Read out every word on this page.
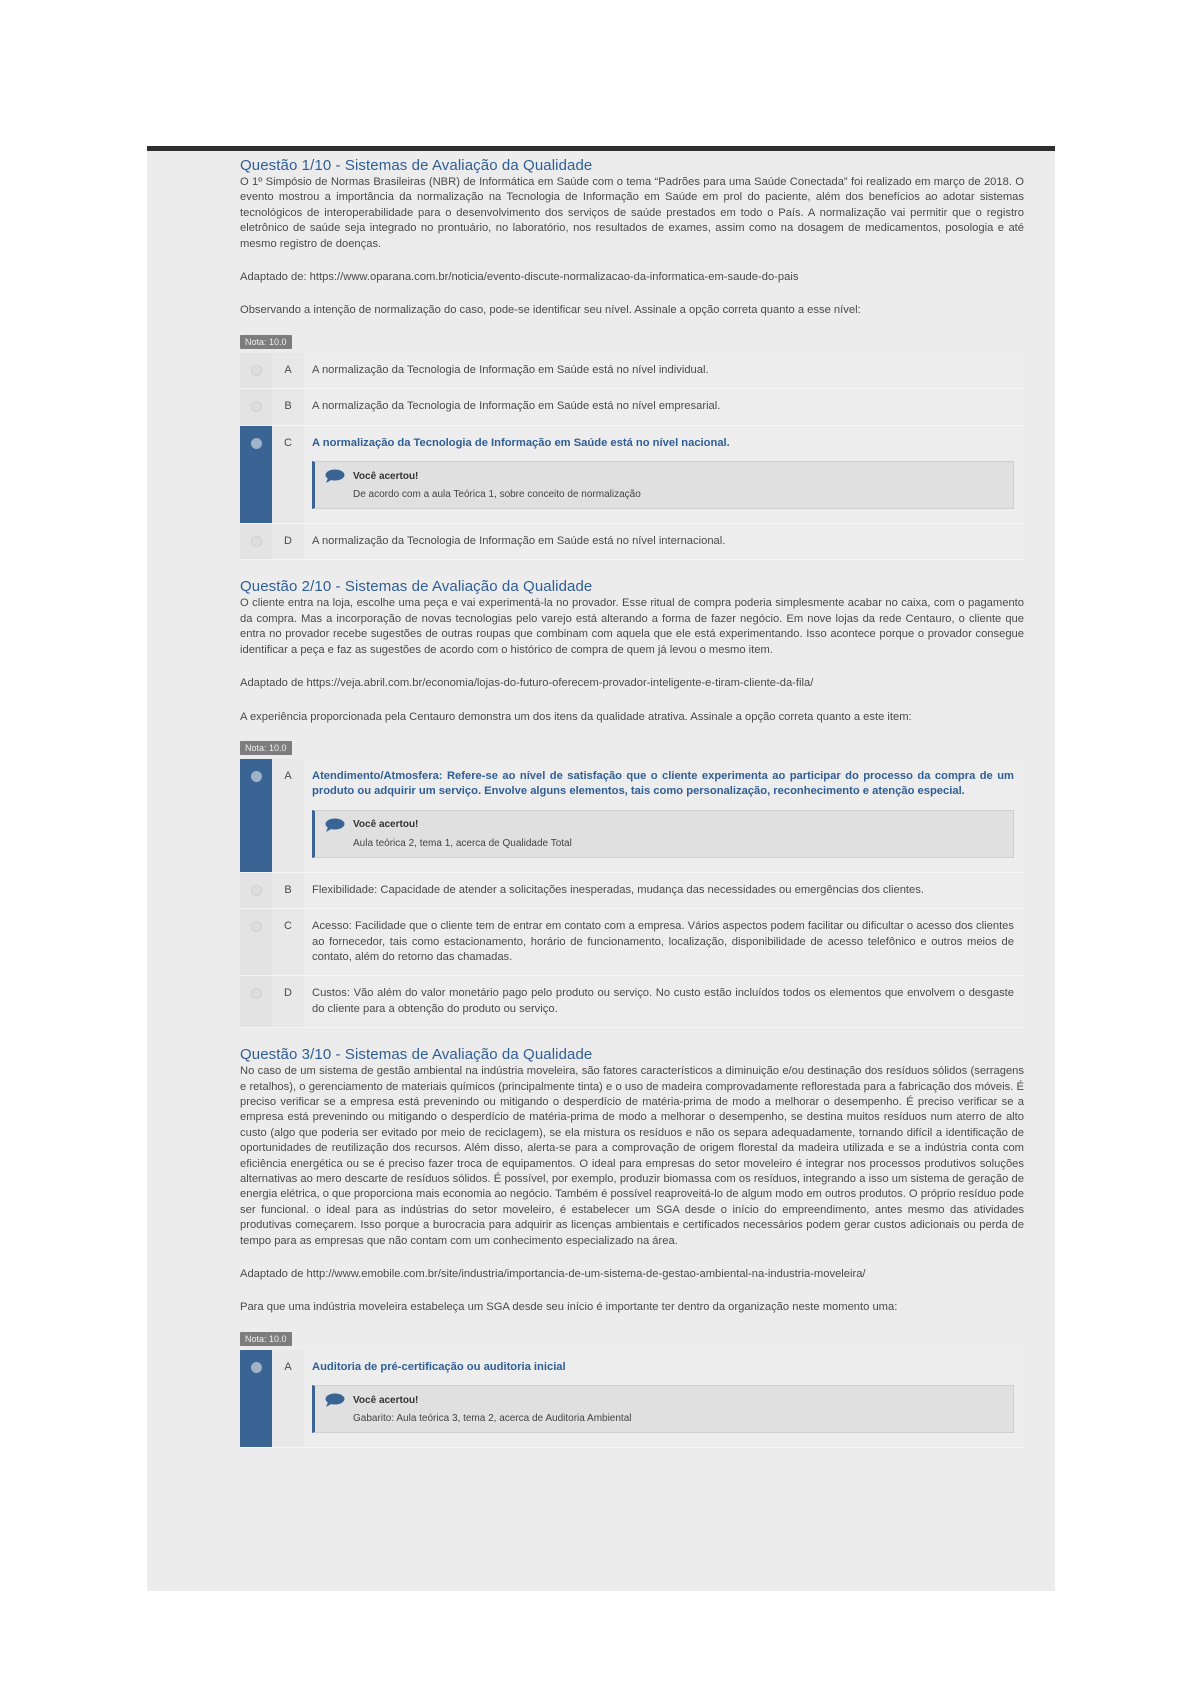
Questão 1/10 - Sistemas de Avaliação da Qualidade

O 1º Simpósio de Normas Brasileiras (NBR) de Informática em Saúde com o tema “Padrões para uma Saúde Conectada” foi realizado em março de 2018. O evento mostrou a importância da normalização na Tecnologia de Informação em Saúde em prol do paciente, além dos benefícios ao adotar sistemas tecnológicos de interoperabilidade para o desenvolvimento dos serviços de saúde prestados em todo o País. A normalização vai permitir que o registro eletrônico de saúde seja integrado no prontuário, no laboratório, nos resultados de exames, assim como na dosagem de medicamentos, posologia e até mesmo registro de doenças.

Adaptado de: https://www.oparana.com.br/noticia/evento-discute-normalizacao-da-informatica-em-saude-do-pais

Observando a intenção de normalização do caso, pode-se identificar seu nível. Assinale a opção correta quanto a esse nível:

Nota: 10.0
A	A normalização da Tecnologia de Informação em Saúde está no nível individual.
B	A normalização da Tecnologia de Informação em Saúde está no nível empresarial.
C	A normalização da Tecnologia de Informação em Saúde está no nível nacional.
Você acertou!
De acordo com a aula Teórica 1, sobre conceito de normalização
D	A normalização da Tecnologia de Informação em Saúde está no nível internacional.
Questão 2/10 - Sistemas de Avaliação da Qualidade

O cliente entra na loja, escolhe uma peça e vai experimentá-la no provador. Esse ritual de compra poderia simplesmente acabar no caixa, com o pagamento da compra. Mas a incorporação de novas tecnologias pelo varejo está alterando a forma de fazer negócio. Em nove lojas da rede Centauro, o cliente que entra no provador recebe sugestões de outras roupas que combinam com aquela que ele está experimentando. Isso acontece porque o provador consegue identificar a peça e faz as sugestões de acordo com o histórico de compra de quem já levou o mesmo item.

Adaptado de https://veja.abril.com.br/economia/lojas-do-futuro-oferecem-provador-inteligente-e-tiram-cliente-da-fila/

A experiência proporcionada pela Centauro demonstra um dos itens da qualidade atrativa. Assinale a opção correta quanto a este item:

Nota: 10.0
A	Atendimento/Atmosfera: Refere-se ao nível de satisfação que o cliente experimenta ao participar do processo da compra de um produto ou adquirir um serviço. Envolve alguns elementos, tais como personalização, reconhecimento e atenção especial.
Você acertou!
Aula teórica 2, tema 1, acerca de Qualidade Total
B	Flexibilidade: Capacidade de atender a solicitações inesperadas, mudança das necessidades ou emergências dos clientes.
C	Acesso: Facilidade que o cliente tem de entrar em contato com a empresa. Vários aspectos podem facilitar ou dificultar o acesso dos clientes ao fornecedor, tais como estacionamento, horário de funcionamento, localização, disponibilidade de acesso telefônico e outros meios de contato, além do retorno das chamadas.
D	Custos: Vão além do valor monetário pago pelo produto ou serviço. No custo estão incluídos todos os elementos que envolvem o desgaste do cliente para a obtenção do produto ou serviço.
Questão 3/10 - Sistemas de Avaliação da Qualidade

No caso de um sistema de gestão ambiental na indústria moveleira, são fatores característicos a diminuição e/ou destinação dos resíduos sólidos (serragens e retalhos), o gerenciamento de materiais químicos (principalmente tinta) e o uso de madeira comprovadamente reflorestada para a fabricação dos móveis. É preciso verificar se a empresa está prevenindo ou mitigando o desperdício de matéria-prima de modo a melhorar o desempenho. É preciso verificar se a empresa está prevenindo ou mitigando o desperdício de matéria-prima de modo a melhorar o desempenho, se destina muitos resíduos num aterro de alto custo (algo que poderia ser evitado por meio de reciclagem), se ela mistura os resíduos e não os separa adequadamente, tornando difícil a identificação de oportunidades de reutilização dos recursos. Além disso, alerta-se para a comprovação de origem florestal da madeira utilizada e se a indústria conta com eficiência energética ou se é preciso fazer troca de equipamentos. O ideal para empresas do setor moveleiro é integrar nos processos produtivos soluções alternativas ao mero descarte de resíduos sólidos. É possível, por exemplo, produzir biomassa com os resíduos, integrando a isso um sistema de geração de energia elétrica, o que proporciona mais economia ao negócio. Também é possível reaproveitá-lo de algum modo em outros produtos. O próprio resíduo pode ser funcional. o ideal para as indústrias do setor moveleiro, é estabelecer um SGA desde o início do empreendimento, antes mesmo das atividades produtivas começarem. Isso porque a burocracia para adquirir as licenças ambientais e certificados necessários podem gerar custos adicionais ou perda de tempo para as empresas que não contam com um conhecimento especializado na área.

Adaptado de http://www.emobile.com.br/site/industria/importancia-de-um-sistema-de-gestao-ambiental-na-industria-moveleira/

Para que uma indústria moveleira estabeleça um SGA desde seu início é importante ter dentro da organização neste momento uma:

Nota: 10.0
A	Auditoria de pré-certificação ou auditoria inicial
Você acertou!
Gabarito: Aula teórica 3, tema 2, acerca de Auditoria Ambiental
